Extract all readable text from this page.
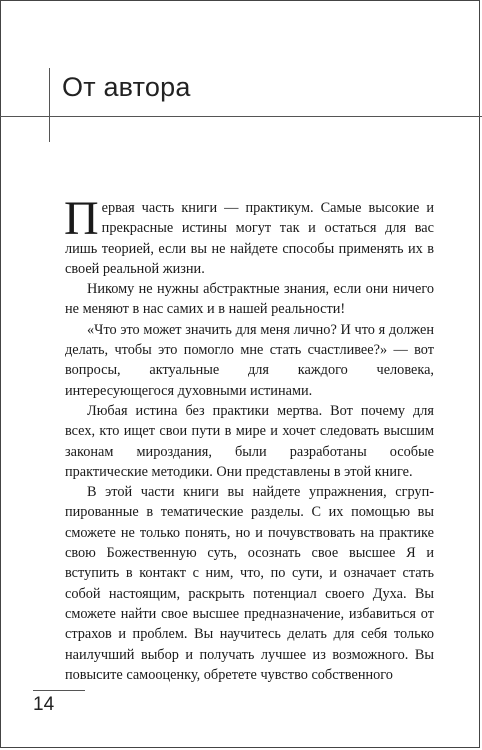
От автора

Первая часть книги — практикум. Самые высокие и прекрасные истины могут так и остаться для вас лишь теорией, если вы не найдете способы применять их в своей реальной жизни.

Никому не нужны абстрактные знания, если они ничего не меняют в нас самих и в нашей реальности!

«Что это может значить для меня лично? И что я должен делать, чтобы это помогло мне стать счастливее?» — вот вопросы, актуальные для каждого человека, интересующегося духовными истинами.

Любая истина без практики мертва. Вот почему для всех, кто ищет свои пути в мире и хочет следовать высшим законам мироздания, были разработаны особые практические методики. Они представлены в этой книге.

В этой части книги вы найдете упражнения, сгруппированные в тематические разделы. С их помощью вы сможете не только понять, но и почувствовать на практике свою Божественную суть, осознать свое высшее Я и вступить в контакт с ним, что, по сути, и означает стать собой настоящим, раскрыть потенциал своего Духа. Вы сможете найти свое высшее предназначение, избавиться от страхов и проблем. Вы научитесь делать для себя только наилучший выбор и получать лучшее из возможного. Вы повысите самооценку, обретете чувство собственного

14
